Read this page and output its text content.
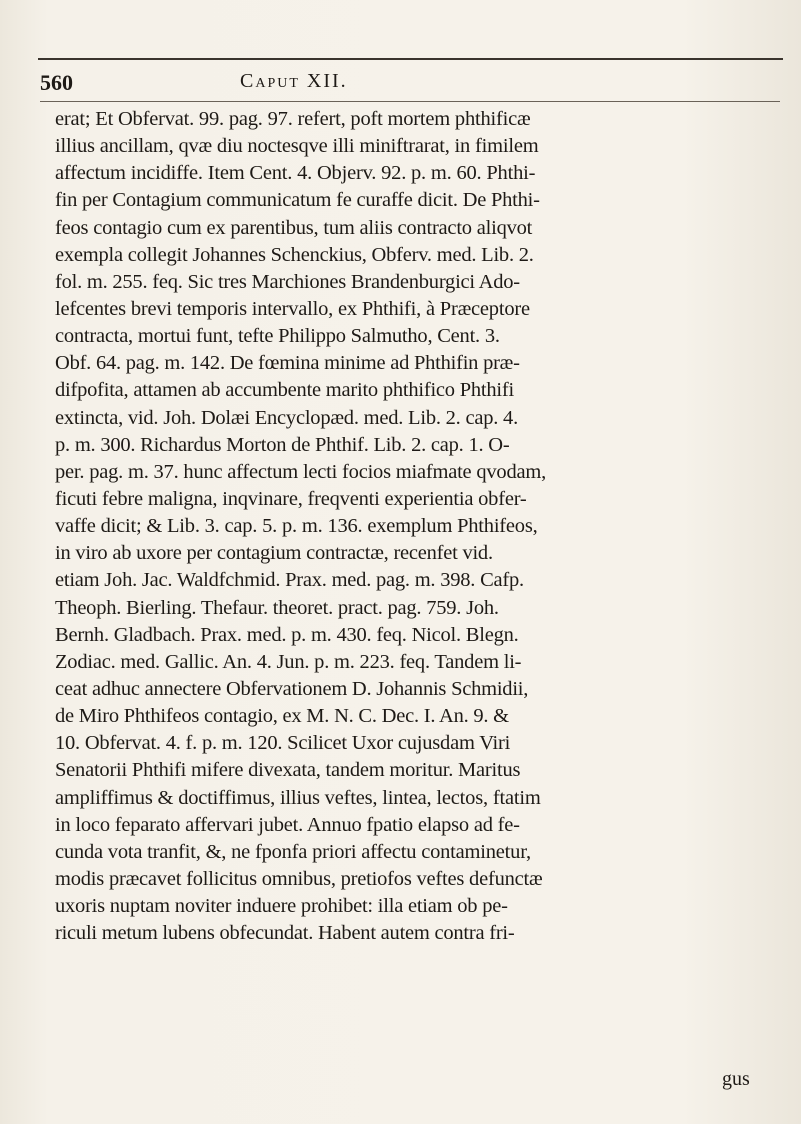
560	Caput XII.
erat; Et Obfervat. 99. pag. 97. refert, poft mortem phthificæ
illius ancillam, qvæ diu noctesqve illi miniftrarat, in fimilem
affectum incidiffe. Item Cent. 4. Objerv. 92. p. m. 60. Phthi-
fin per Contagium communicatum fe curaffe dicit. De Phthi-
feos contagio cum ex parentibus, tum aliis contracto aliqvot
exempla collegit Johannes Schenckius, Obferv. med. Lib. 2.
fol. m. 255. feq. Sic tres Marchiones Brandenburgici Ado-
lefcentes brevi temporis intervallo, ex Phthifi, à Præceptore
contracta, mortui funt, tefte Philippo Salmutho, Cent. 3.
Obf. 64. pag. m. 142. De fœmina minime ad Phthifin præ-
difpofita, attamen ab accumbente marito phthifico Phthifi
extincta, vid. Joh. Dolæi Encyclopæd. med. Lib. 2. cap. 4.
p. m. 300. Richardus Morton de Phthif. Lib. 2. cap. 1. O-
per. pag. m. 37. hunc affectum lecti focios miafmate qvodam,
ficuti febre maligna, inqvinare, freqventi experientia obfer-
vaffe dicit; & Lib. 3. cap. 5. p. m. 136. exemplum Phthifeos,
in viro ab uxore per contagium contractæ, recenfet vid.
etiam Joh. Jac. Waldfchmid. Prax. med. pag. m. 398. Cafp.
Theoph. Bierling. Thefaur. theoret. pract. pag. 759. Joh.
Bernh. Gladbach. Prax. med. p. m. 430. feq. Nicol. Blegn.
Zodiac. med. Gallic. An. 4. Jun. p. m. 223. feq. Tandem li-
ceat adhuc annectere Obfervationem D. Johannis Schmidii,
de Miro Phthifeos contagio, ex M. N. C. Dec. I. An. 9. &
10. Obfervat. 4. f. p. m. 120. Scilicet Uxor cujusdam Viri
Senatorii Phthifi mifere divexata, tandem moritur. Maritus
ampliffimus & doctiffimus, illius veftes, lintea, lectos, ftatim
in loco feparato affervari jubet. Annuo fpatio elapso ad fe-
cunda vota tranfit, &, ne fponfa priori affectu contaminetur,
modis præcavet follicitus omnibus, pretiofos veftes defunctæ
uxoris nuptam noviter induere prohibet: illa etiam ob pe-
riculi metum lubens obfecundat. Habent autem contra fri-
gus
